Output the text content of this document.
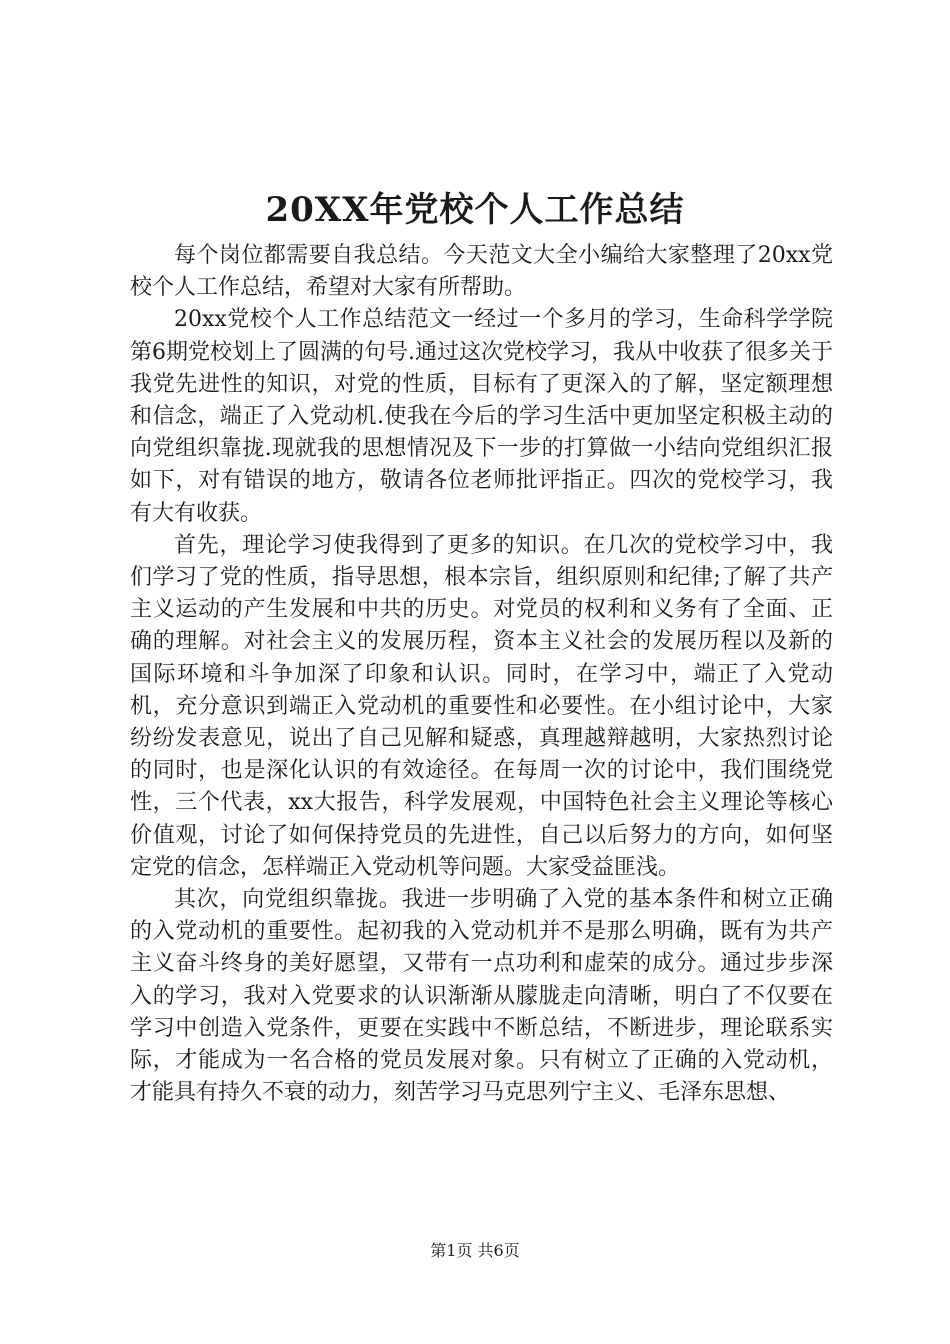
20XX年党校个人工作总结

每个岗位都需要自我总结。今天范文大全小编给大家整理了20xx党校个人工作总结，希望对大家有所帮助。

20xx党校个人工作总结范文一经过一个多月的学习，生命科学学院第6期党校划上了圆满的句号.通过这次党校学习，我从中收获了很多关于我党先进性的知识，对党的性质，目标有了更深入的了解，坚定额理想和信念，端正了入党动机.使我在今后的学习生活中更加坚定积极主动的向党组织靠拢.现就我的思想情况及下一步的打算做一小结向党组织汇报如下，对有错误的地方，敬请各位老师批评指正。四次的党校学习，我有大有收获。

首先，理论学习使我得到了更多的知识。在几次的党校学习中，我们学习了党的性质，指导思想，根本宗旨，组织原则和纪律;了解了共产主义运动的产生发展和中共的历史。对党员的权利和义务有了全面、正确的理解。对社会主义的发展历程，资本主义社会的发展历程以及新的国际环境和斗争加深了印象和认识。同时，在学习中，端正了入党动机，充分意识到端正入党动机的重要性和必要性。在小组讨论中，大家纷纷发表意见，说出了自己见解和疑惑，真理越辩越明，大家热烈讨论的同时，也是深化认识的有效途径。在每周一次的讨论中，我们围绕党性，三个代表，xx大报告，科学发展观，中国特色社会主义理论等核心价值观，讨论了如何保持党员的先进性，自己以后努力的方向，如何坚定党的信念，怎样端正入党动机等问题。大家受益匪浅。

其次，向党组织靠拢。我进一步明确了入党的基本条件和树立正确的入党动机的重要性。起初我的入党动机并不是那么明确，既有为共产主义奋斗终身的美好愿望，又带有一点功利和虚荣的成分。通过步步深入的学习，我对入党要求的认识渐渐从朦胧走向清晰，明白了不仅要在学习中创造入党条件，更要在实践中不断总结，不断进步，理论联系实际，才能成为一名合格的党员发展对象。只有树立了正确的入党动机，才能具有持久不衰的动力，刻苦学习马克思列宁主义、毛泽东思想、

第1页 共6页
